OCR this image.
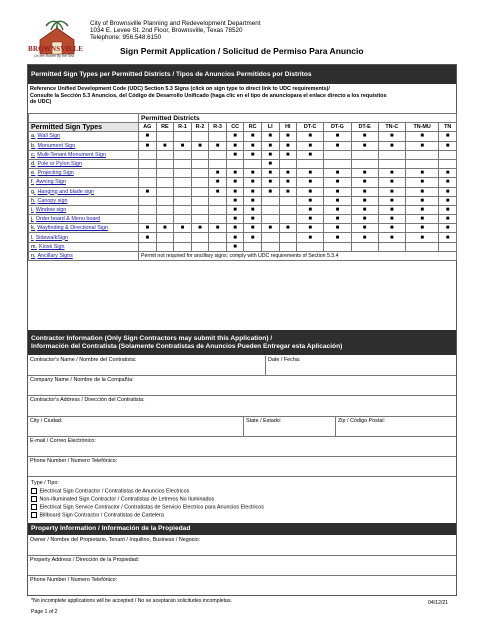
BROWNSVILLE
On the Border By the Sea
City of Brownsville Planning and Redevelopment Department
1034 E. Levee St. 2nd Floor, Brownsville, Texas 78520
Telephone: 956.548.6150
Sign Permit Application / Solicitud de Permiso Para Anuncio
Permitted Sign Types per Permitted Districts / Tipos de Anuncios Permitidos por Distritos
Reference Unified Development Code (UDC) Section 5.3 Signs (click on sign type to direct link to UDC requirements)/
Consulte la Sección 5.3 Anuncios, del Código de Desarrollo Unificado (haga clic en el tipo de anunciopara el enlace directo a los requisitos
de UDC)
	Permitted Districts														
Permitted Sign Types	AG	RE	R-1	R-2	R-3	CC	RC	LI	HI	DT-C	DT-G	DT-E	TN-C	TN-MU	TN
a. Wall Sign	■					■	■	■	■	■	■	■	■	■	■
b. Monument Sign	■	■	■	■	■	■	■	■	■	■	■	■	■	■	■
c. Multi-Tenant Monument Sign						■	■	■	■	■					
d. Pole or Pylon Sign								■							
e. Projecting Sign					■	■	■	■	■	■	■	■	■	■	■
f. Awning Sign					■	■	■	■	■	■	■	■	■	■	■
g. Hanging and blade sign	■				■	■	■	■	■	■	■	■	■	■	■
h. Canopy sign						■	■			■	■	■	■	■	■
i. Window sign						■	■			■	■	■	■	■	■
j. Order board & Menu board						■	■			■	■	■	■	■	■
k. Wayfinding & Directional Sign	■	■	■	■	■	■	■	■	■	■	■	■	■	■	■
l. SidewalkSign	■					■	■			■	■	■	■	■	■
m. Kiosk Sign						■									
n. Ancillary Signs	Permit not required for ancillary signs; comply with UDC requirements of Section 5.3.4														
Contractor Information (Only Sign Contractors may submit this Application) /
Información del Contratista (Solamente Contratistas de Anuncios Pueden Entregar esta Aplicación)
Contractor's Name / Nombre del Contratista:	Date / Fecha:
Company Name / Nombre de la Compañía:
Contractor's Address / Dirección del Contratista:
City / Ciudad:	State / Estado:	Zip / Código Postal:
E-mail / Correo Electrónico:
Phone Number / Numero Telefónico:
Type / Tipo:
Electrical Sign Contractor / Contratistas de Anuncios Electricos
Non-Illuminated Sign Contractor / Contratistas de Letreros No Iluminados
Electrical Sign Service Contractor / Contratistas de Servicio Electrico para Anuncios Electricos
Billboard Sign Contractor / Contratistas de Cartelera
Property Information / Información de la Propiedad
Owner / Nombre del Propietario, Tenant / Inquilino, Business / Negocio:
Property Address / Dirección de la Propiedad:
Phone Number / Numero Telefónico:
*No incomplete applications will be accepted / No se aceptarán solicitudes incompletas.	04/12/21
Page 1 of 2
